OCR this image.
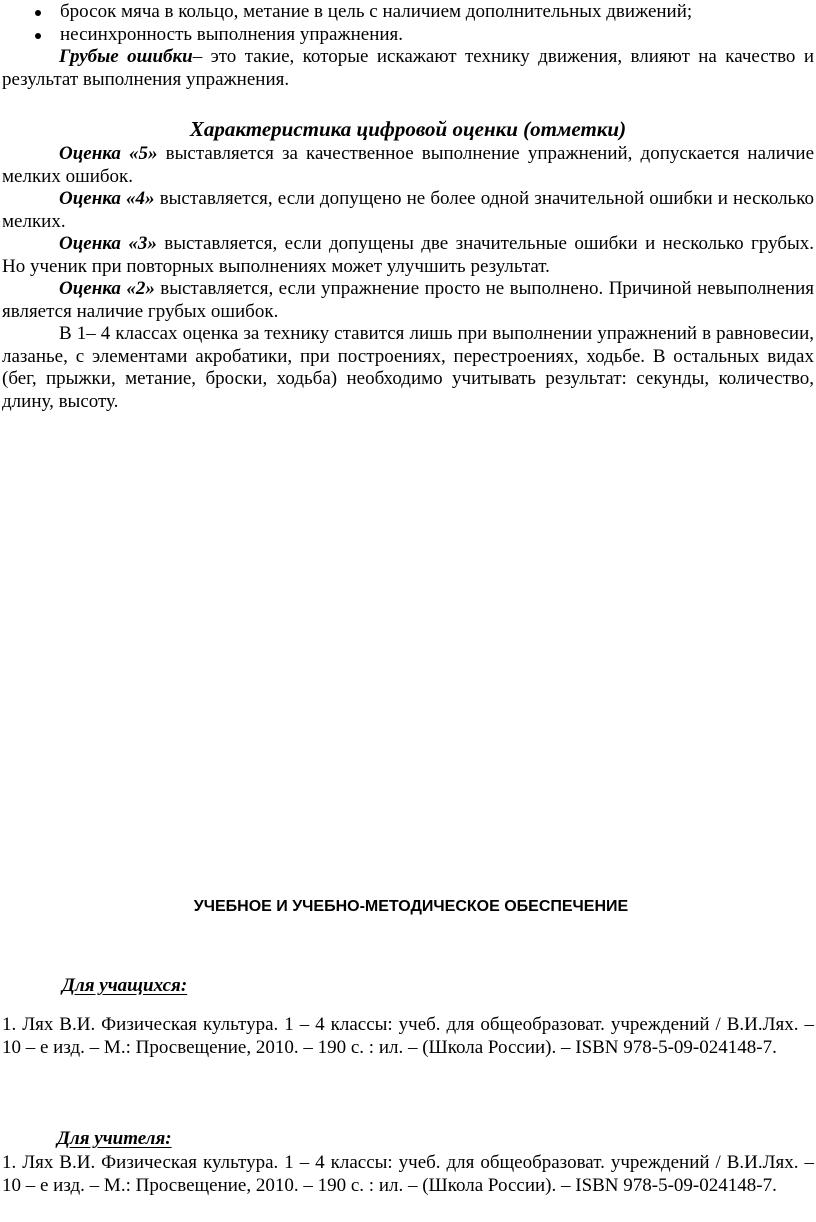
бросок мяча в кольцо, метание в цель с наличием дополнительных движений;
несинхронность выполнения упражнения.

Грубые ошибки– это такие, которые искажают технику движения, влияют на качество и результат выполнения упражнения.

Характеристика цифровой оценки (отметки)

Оценка «5» выставляется за качественное выполнение упражнений, допускается наличие мелких ошибок.

Оценка «4» выставляется, если допущено не более одной значительной ошибки и несколько мелких.

Оценка «3» выставляется, если допущены две значительные ошибки и несколько грубых. Но ученик при повторных выполнениях может улучшить результат.

Оценка «2» выставляется, если упражнение просто не выполнено. Причиной невыполнения является наличие грубых ошибок.

В 1– 4 классах оценка за технику ставится лишь при выполнении упражнений в равновесии, лазанье, с элементами акробатики, при построениях, перестроениях, ходьбе. В остальных видах (бег, прыжки, метание, броски, ходьба) необходимо учитывать результат: секунды, количество, длину, высоту.

УЧЕБНОЕ И УЧЕБНО-МЕТОДИЧЕСКОЕ ОБЕСПЕЧЕНИЕ
Для учащихся:

1. Лях В.И. Физическая культура. 1 – 4 классы: учеб. для общеобразоват. учреждений / В.И.Лях. – 10 – е изд. – М.: Просвещение, 2010. – 190 с. : ил. – (Школа России). – ISBN 978-5-09-024148-7.

Для учителя:

1. Лях В.И. Физическая культура. 1 – 4 классы: учеб. для общеобразоват. учреждений / В.И.Лях. – 10 – е изд. – М.: Просвещение, 2010. – 190 с. : ил. – (Школа России). – ISBN 978-5-09-024148-7.
